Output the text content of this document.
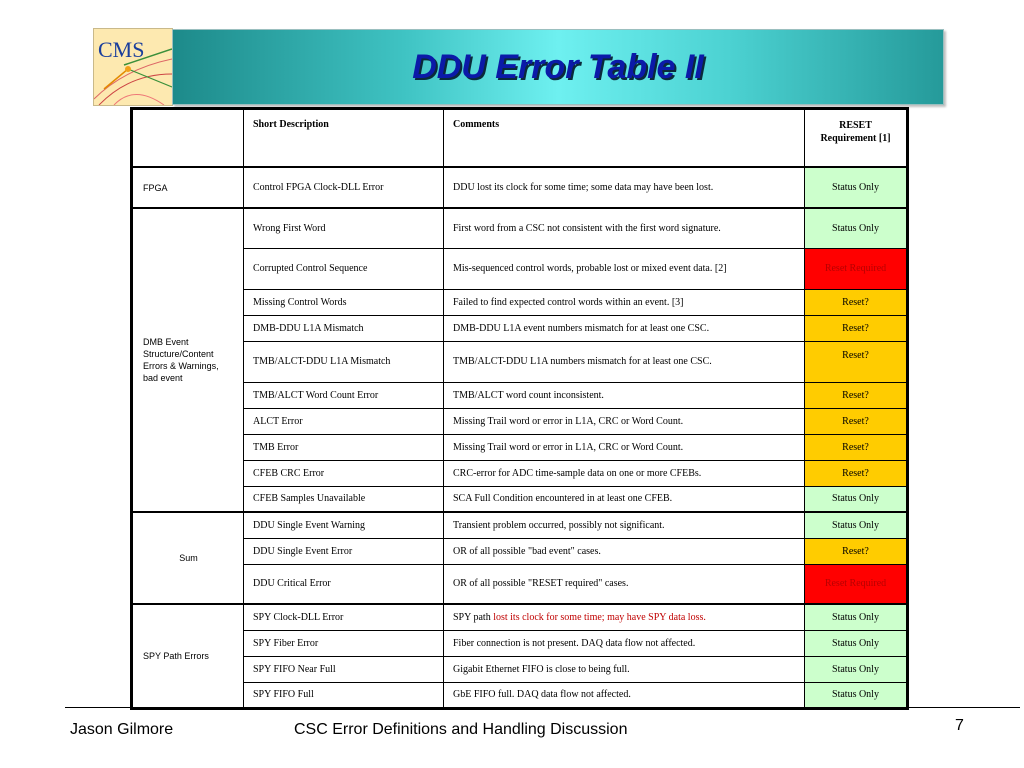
CMS	DDU Error Table II
	Short Description	Comments	RESET Requirement [1]
FPGA	Control FPGA Clock-DLL Error	DDU lost its clock for some time; some data may have been lost.	Status Only
DMB Event Structure/Content Errors & Warnings, bad event	Wrong First Word	First word from a CSC not consistent with the first word signature.	Status Only
	Corrupted Control Sequence	Mis-sequenced control words, probable lost or mixed event data. [2]	Reset Required
	Missing Control Words	Failed to find expected control words within an event. [3]	Reset?
	DMB-DDU L1A Mismatch	DMB-DDU L1A event numbers mismatch for at least one CSC.	Reset?
	TMB/ALCT-DDU L1A Mismatch	TMB/ALCT-DDU L1A numbers mismatch for at least one CSC.	Reset?
	TMB/ALCT Word Count Error	TMB/ALCT word count inconsistent.	Reset?
	ALCT Error	Missing Trail word or error in L1A, CRC or Word Count.	Reset?
	TMB Error	Missing Trail word or error in L1A, CRC or Word Count.	Reset?
	CFEB CRC Error	CRC-error for ADC time-sample data on one or more CFEBs.	Reset?
	CFEB Samples Unavailable	SCA Full Condition encountered in at least one CFEB.	Status Only
Sum	DDU Single Event Warning	Transient problem occurred, possibly not significant.	Status Only
	DDU Single Event Error	OR of all possible "bad event" cases.	Reset?
	DDU Critical Error	OR of all possible "RESET required" cases.	Reset Required
SPY Path Errors	SPY Clock-DLL Error	SPY path lost its clock for some time; may have SPY data loss.	Status Only
	SPY Fiber Error	Fiber connection is not present. DAQ data flow not affected.	Status Only
	SPY FIFO Near Full	Gigabit Ethernet FIFO is close to being full.	Status Only
	SPY FIFO Full	GbE FIFO full. DAQ data flow not affected.	Status Only
Jason Gilmore	CSC Error Definitions and Handling Discussion	7
